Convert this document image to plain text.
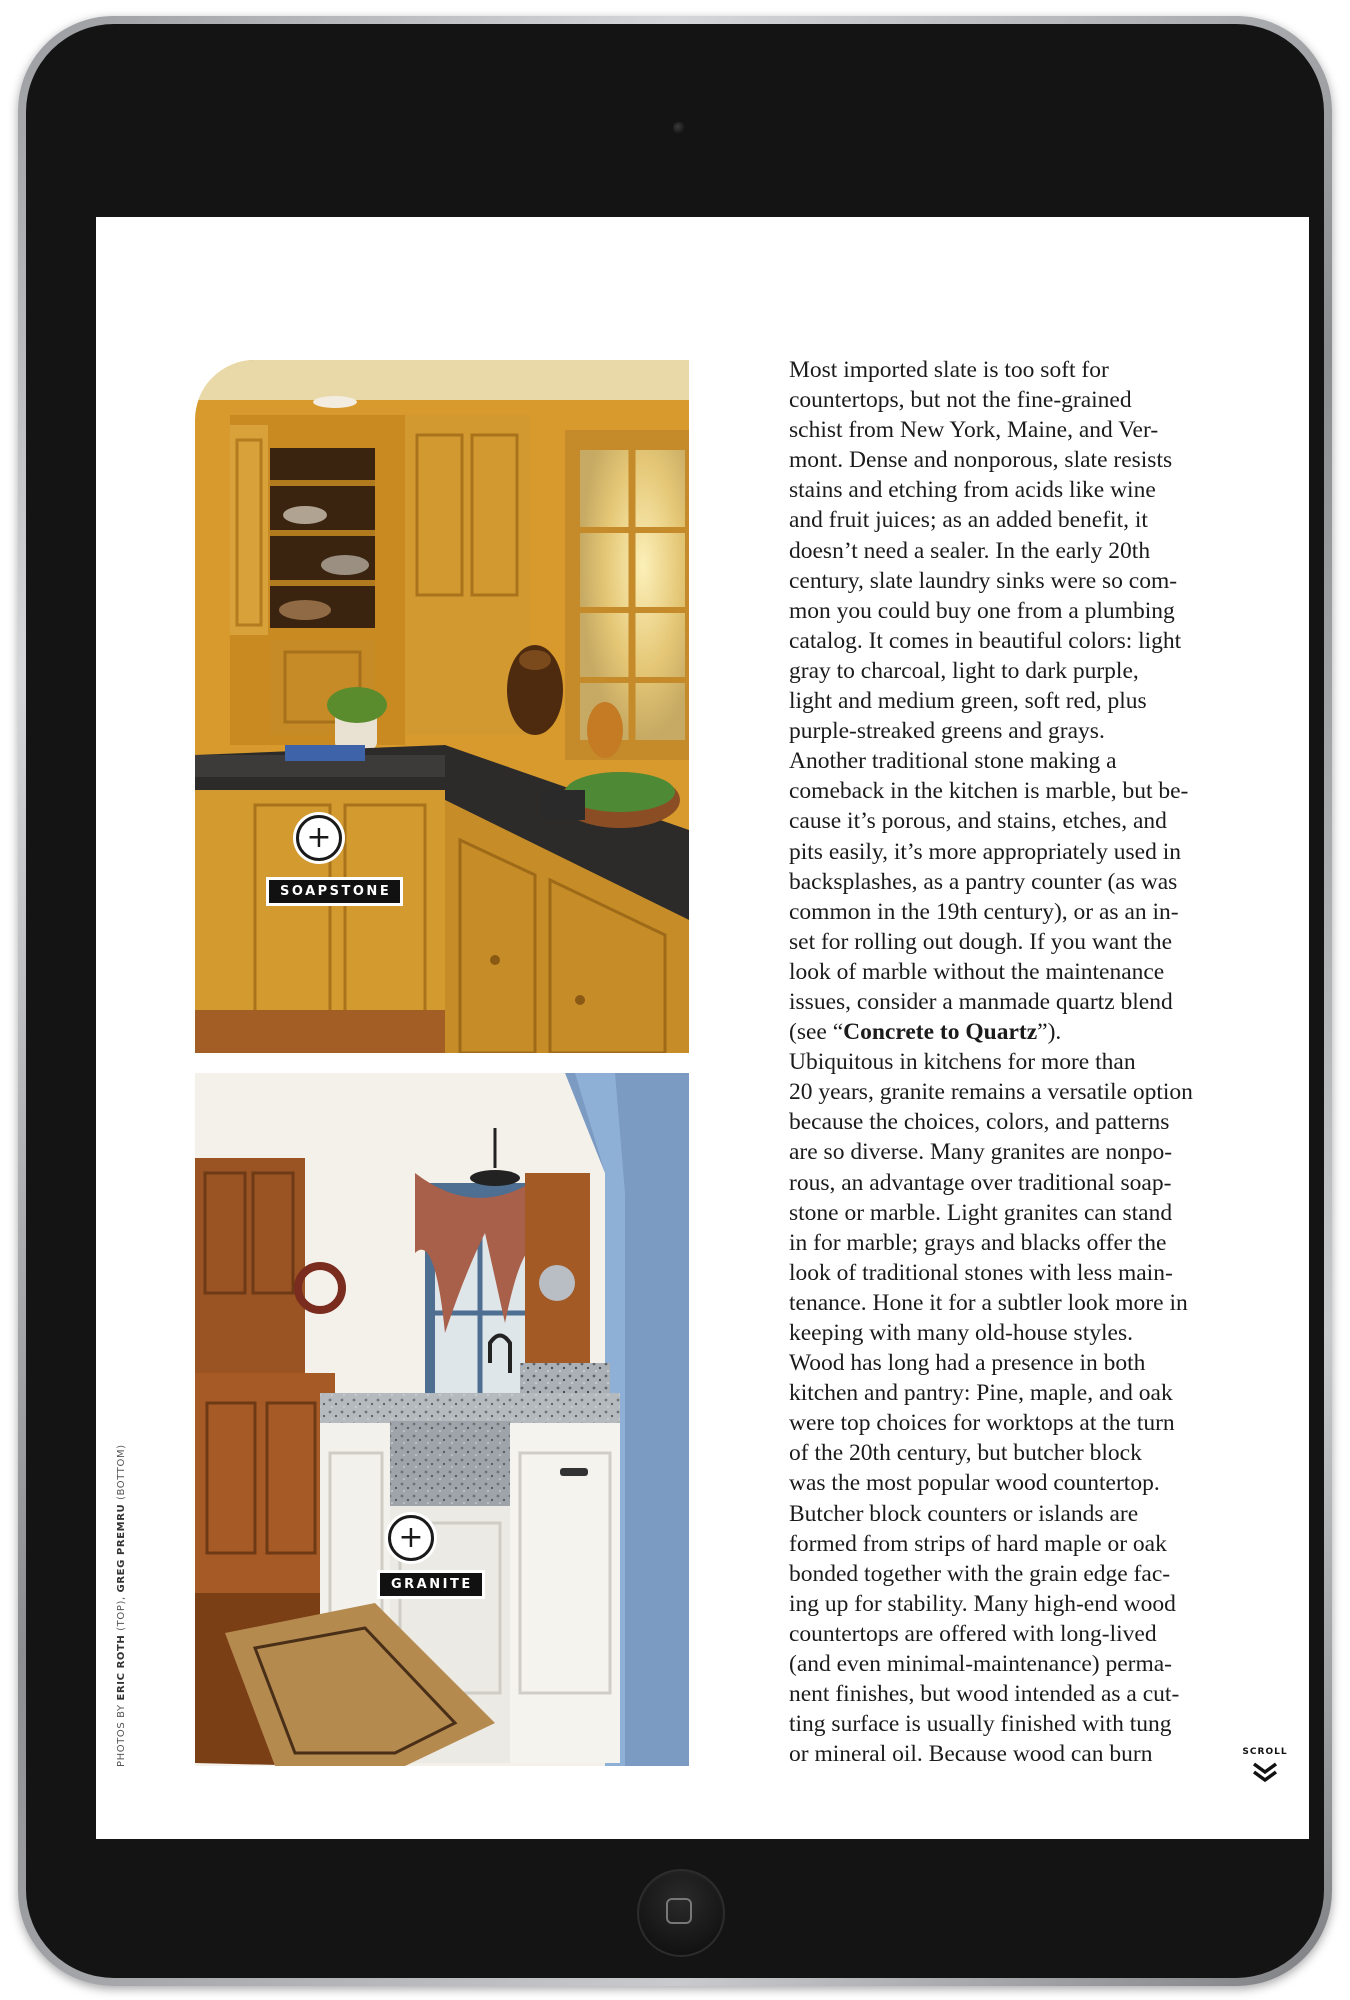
+
SOAPSTONE
+
GRANITE
PHOTOS BY ERIC ROTH (TOP), GREG PREMRU (BOTTOM)

Most imported slate is too soft for
countertops, but not the fine-grained
schist from New York, Maine, and Ver-
mont. Dense and nonporous, slate resists
stains and etching from acids like wine
and fruit juices; as an added benefit, it
doesn’t need a sealer. In the early 20th
century, slate laundry sinks were so com-
mon you could buy one from a plumbing
catalog. It comes in beautiful colors: light
gray to charcoal, light to dark purple,
light and medium green, soft red, plus
purple-streaked greens and grays.

Another traditional stone making a
comeback in the kitchen is marble, but be-
cause it’s porous, and stains, etches, and
pits easily, it’s more appropriately used in
backsplashes, as a pantry counter (as was
common in the 19th century), or as an in-
set for rolling out dough. If you want the
look of marble without the maintenance
issues, consider a manmade quartz blend
(see “Concrete to Quartz”).

Ubiquitous in kitchens for more than
20 years, granite remains a versatile option
because the choices, colors, and patterns
are so diverse. Many granites are nonpo-
rous, an advantage over traditional soap-
stone or marble. Light granites can stand
in for marble; grays and blacks offer the
look of traditional stones with less main-
tenance. Hone it for a subtler look more in
keeping with many old-house styles.

Wood has long had a presence in both
kitchen and pantry: Pine, maple, and oak
were top choices for worktops at the turn
of the 20th century, but butcher block
was the most popular wood countertop.
Butcher block counters or islands are
formed from strips of hard maple or oak
bonded together with the grain edge fac-
ing up for stability. Many high-end wood
countertops are offered with long-lived
(and even minimal-maintenance) perma-
nent finishes, but wood intended as a cut-
ting surface is usually finished with tung
or mineral oil. Because wood can burn	SCROLL
